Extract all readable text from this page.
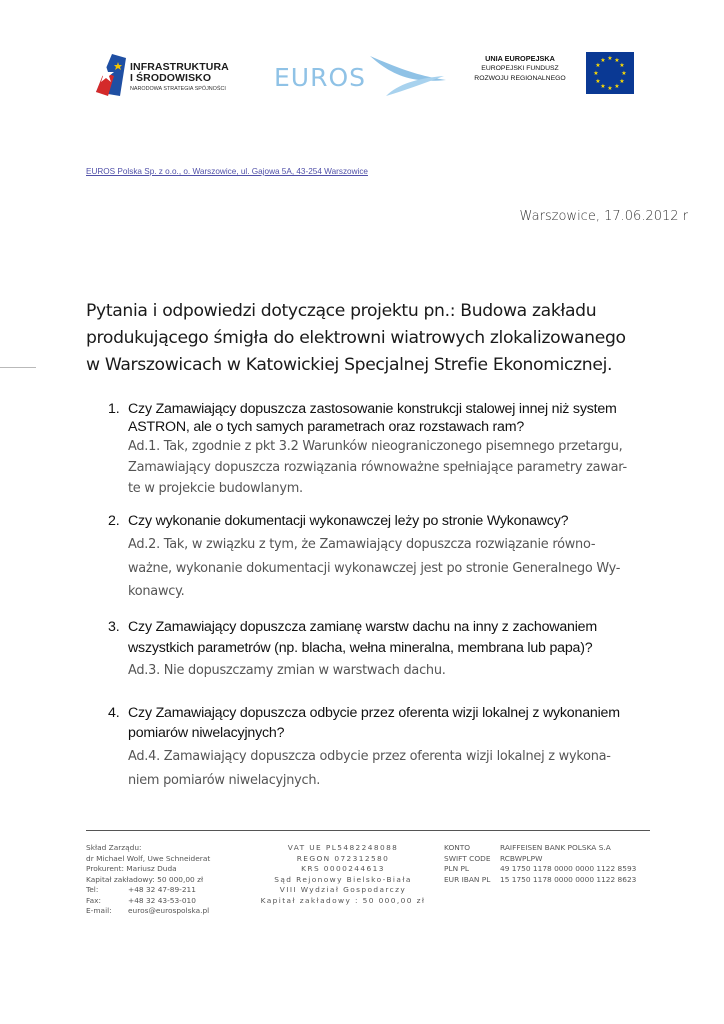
INFRASTRUKTURA
I ŚRODOWISKO
NARODOWA STRATEGIA SPÓJNOŚCI EUROS
UNIA EUROPEJSKA
EUROPEJSKI FUNDUSZ
ROZWOJU REGIONALNEGO
★ ★
★
★
★
★
★
★
★
★
★
★
EUROS Polska Sp. z o.o., o. Warszowice, ul. Gajowa 5A, 43-254 Warszowice
Warszowice, 17.06.2012 r
Pytania i odpowiedzi dotyczące projektu pn.: Budowa zakładu
produkującego śmigła do elektrowni wiatrowych zlokalizowanego
w Warszowicach w Katowickiej Specjalnej Strefie Ekonomicznej.
1. Czy Zamawiający dopuszcza zastosowanie konstrukcji stalowej innej niż system
ASTRON, ale o tych samych parametrach oraz rozstawach ram?
Ad.1. Tak, zgodnie z pkt 3.2 Warunków nieograniczonego pisemnego przetargu,
Zamawiający dopuszcza rozwiązania równoważne spełniające parametry zawar-
te w projekcie budowlanym.
2. Czy wykonanie dokumentacji wykonawczej leży po stronie Wykonawcy?
Ad.2. Tak, w związku z tym, że Zamawiający dopuszcza rozwiązanie równo-
ważne, wykonanie dokumentacji wykonawczej jest po stronie Generalnego Wy-
konawcy.
3. Czy Zamawiający dopuszcza zamianę warstw dachu na inny z zachowaniem
wszystkich parametrów (np. blacha, wełna mineralna, membrana lub papa)?
Ad.3. Nie dopuszczamy zmian w warstwach dachu.
4. Czy Zamawiający dopuszcza odbycie przez oferenta wizji lokalnej z wykonaniem
pomiarów niwelacyjnych?
Ad.4. Zamawiający dopuszcza odbycie przez oferenta wizji lokalnej z wykona-
niem pomiarów niwelacyjnych.
Skład Zarządu:
dr Michael Wolf, Uwe Schneiderat
Prokurent: Mariusz Duda
Kapitał zakładowy: 50 000,00 zł
Tel:	+48 32 47-89-211
Fax:	+48 32 43-53-010
E-mail: euros@eurospolska.pl
VAT UE PL5482248088
REGON 072312580
KRS 0000244613
Sąd Rejonowy Bielsko-Biała
VIII Wydział Gospodarczy
Kapitał zakładowy : 50 000,00 zł
KONTO	RAIFFEISEN BANK POLSKA S.A
SWIFT CODE RCBWPLPW
PLN PL	49 1750 1178 0000 0000 1122 8593
EUR IBAN PL 15 1750 1178 0000 0000 1122 8623
